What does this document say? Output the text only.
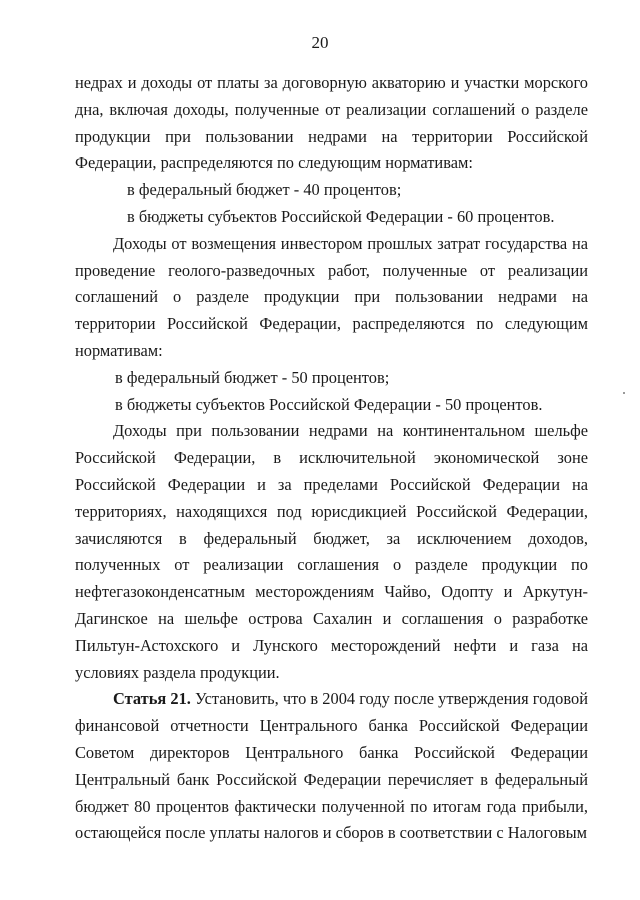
20

недрах и доходы от платы за договорную акваторию и участки морского дна, включая доходы, полученные от реализации соглашений о разделе продукции при пользовании недрами на территории Российской Федерации, распределяются по следующим нормативам:

в федеральный бюджет - 40 процентов;

в бюджеты субъектов Российской Федерации - 60 процентов.

Доходы от возмещения инвестором прошлых затрат государства на проведение геолого-разведочных работ, полученные от реализации соглашений о разделе продукции при пользовании недрами на территории Российской Федерации, распределяются по следующим нормативам:

в федеральный бюджет - 50 процентов;

в бюджеты субъектов Российской Федерации - 50 процентов.

Доходы при пользовании недрами на континентальном шельфе Российской Федерации, в исключительной экономической зоне Российской Федерации и за пределами Российской Федерации на территориях, находящихся под юрисдикцией Российской Федерации, зачисляются в федеральный бюджет, за исключением доходов, полученных от реализации соглашения о разделе продукции по нефтегазоконденсатным месторождениям Чайво, Одопту и Аркутун-Дагинское на шельфе острова Сахалин и соглашения о разработке Пильтун-Астохского и Лунского месторождений нефти и газа на условиях раздела продукции.

Статья 21. Установить, что в 2004 году после утверждения годовой финансовой отчетности Центрального банка Российской Федерации Советом директоров Центрального банка Российской Федерации Центральный банк Российской Федерации перечисляет в федеральный бюджет 80 процентов фактически полученной по итогам года прибыли, остающейся после уплаты налогов и сборов в соответствии с Налоговым
